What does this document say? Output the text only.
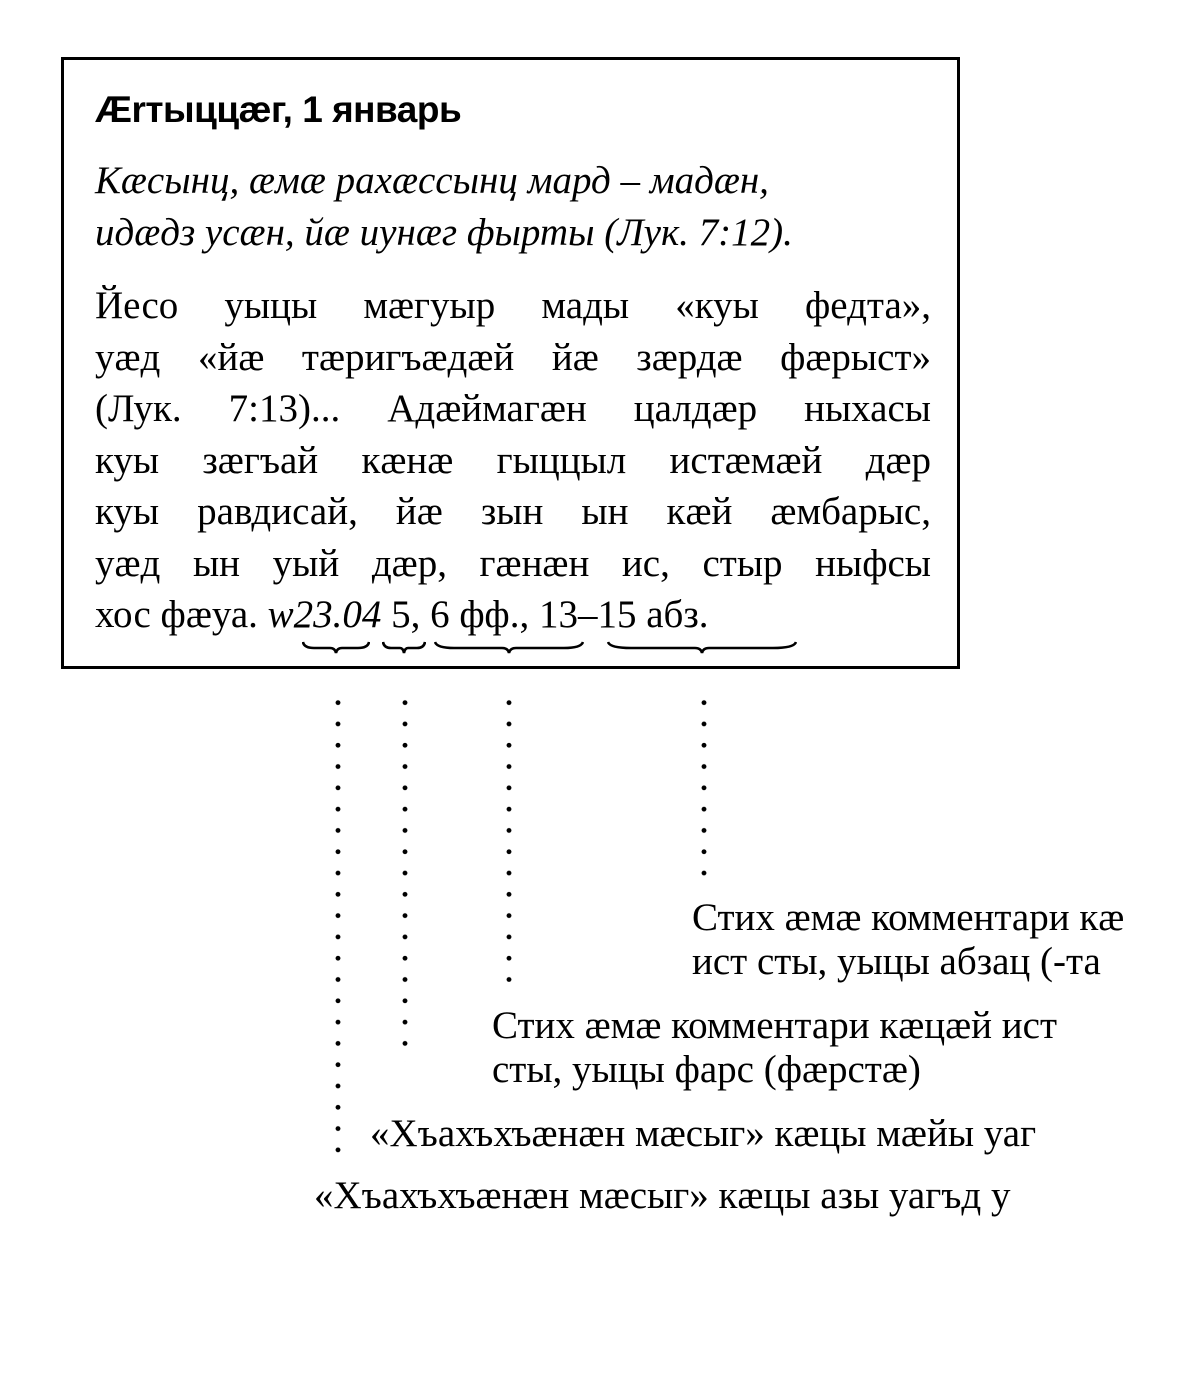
Ærтыццæг, 1 январь
Кæсынц, æмæ рахæссынц мард – мадæн,
идæдз усæн, йæ иунæг фырты (Лук. 7:12).
Йесо уыцы мæгуыр мады «куы федта»,
уæд «йæ тæригъæдæй йæ зæрдæ фæрыст»
(Лук. 7:13)... Адæймагæн цалдæр ныхасы
куы зæгъай кæнæ гыццыл истæмæй дæр
куы равдисай, йæ зын ын кæй æмбарыс,
уæд ын уый дæр, гæнæн ис, стыр ныфсы
хос фæуа. w23.04 5, 6 фф., 13–15 абз.
Стих æмæ комментари кæ
ист сты, уыцы абзац (-та
Стих æмæ комментари кæцæй ист
сты, уыцы фарс (фæрстæ)
«Хъахъхъæнæн мæсыг» кæцы мæйы уаг
«Хъахъхъæнæн мæсыг» кæцы азы уагъд у
